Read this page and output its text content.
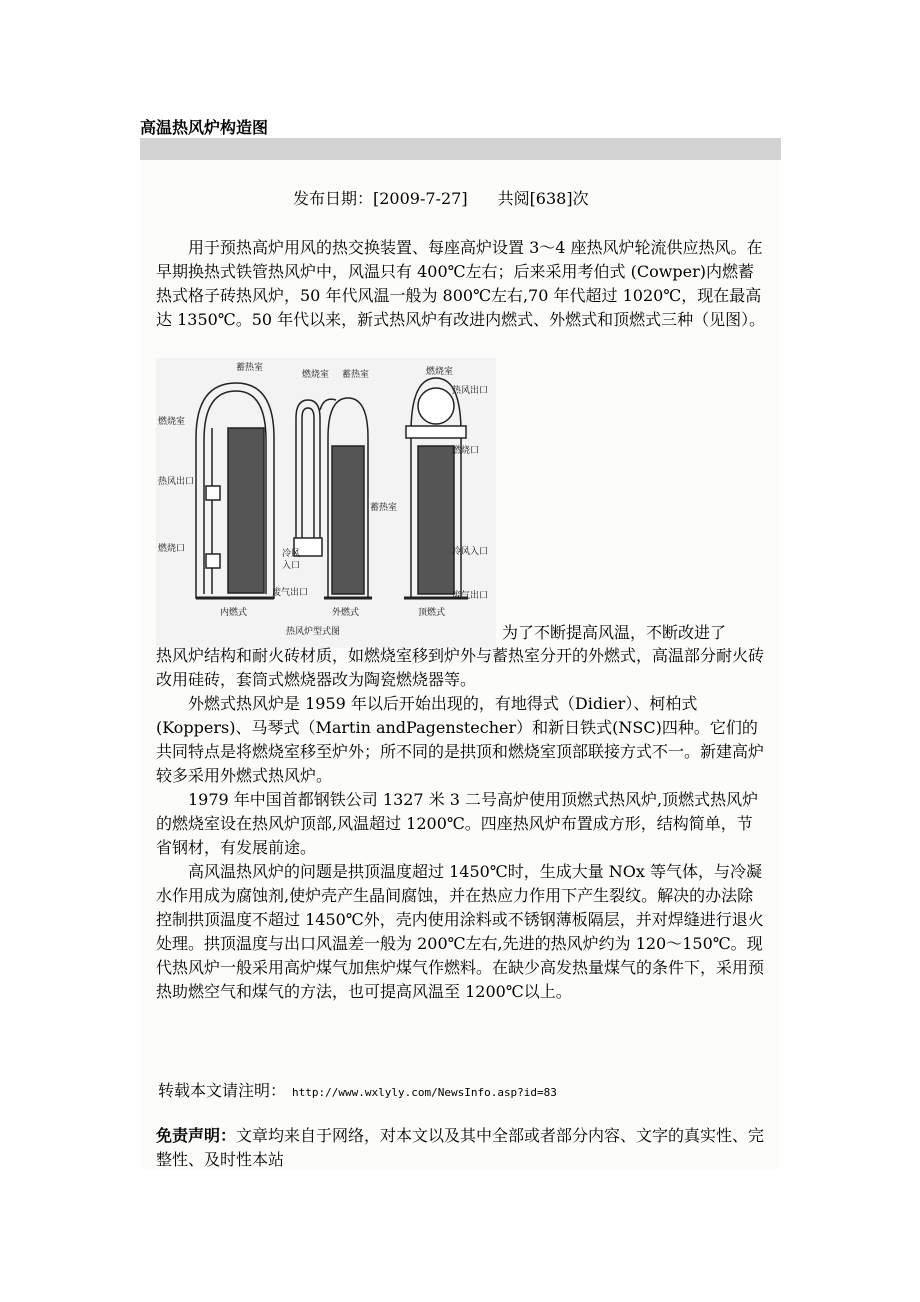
高温热风炉构造图
发布日期：[2009-7-27] 共阅[638]次

用于预热高炉用风的热交换装置、每座高炉设置 3～4 座热风炉轮流供应热风。在早期换热式铁管热风炉中，风温只有 400℃左右；后来采用考伯式 (Cowper)内燃蓄热式格子砖热风炉，50 年代风温一般为 800℃左右,70 年代超过 1020℃，现在最高达 1350℃。50 年代以来，新式热风炉有改进内燃式、外燃式和顶燃式三种（见图）。

蓄热室
燃烧室
热风出口
燃烧口	冷风
入口
废气出口
内燃式
燃烧室 蓄热室
外燃式
燃烧室
热风出口
燃烧口
蓄热室
冷风入口
废气出口
顶燃式
热风炉型式图	为了不断提高风温，不断改进了

热风炉结构和耐火砖材质，如燃烧室移到炉外与蓄热室分开的外燃式，高温部分耐火砖改用硅砖，套筒式燃烧器改为陶瓷燃烧器等。

外燃式热风炉是 1959 年以后开始出现的，有地得式（Didier）、柯柏式(Koppers)、马琴式（Martin andPagenstecher）和新日铁式(NSC)四种。它们的共同特点是将燃烧室移至炉外；所不同的是拱顶和燃烧室顶部联接方式不一。新建高炉较多采用外燃式热风炉。

1979 年中国首都钢铁公司 1327 米 3 二号高炉使用顶燃式热风炉,顶燃式热风炉的燃烧室设在热风炉顶部,风温超过 1200℃。四座热风炉布置成方形，结构简单，节省钢材，有发展前途。

高风温热风炉的问题是拱顶温度超过 1450℃时，生成大量 NOx 等气体，与冷凝水作用成为腐蚀剂,使炉壳产生晶间腐蚀，并在热应力作用下产生裂纹。解决的办法除控制拱顶温度不超过 1450℃外，壳内使用涂料或不锈钢薄板隔层，并对焊缝进行退火处理。拱顶温度与出口风温差一般为 200℃左右,先进的热风炉约为 120～150℃。现代热风炉一般采用高炉煤气加焦炉煤气作燃料。在缺少高发热量煤气的条件下，采用预热助燃空气和煤气的方法，也可提高风温至 1200℃以上。

转载本文请注明： http://www.wxlyly.com/NewsInfo.asp?id=83
免责声明：文章均来自于网络，对本文以及其中全部或者部分内容、文字的真实性、完整性、及时性本站
